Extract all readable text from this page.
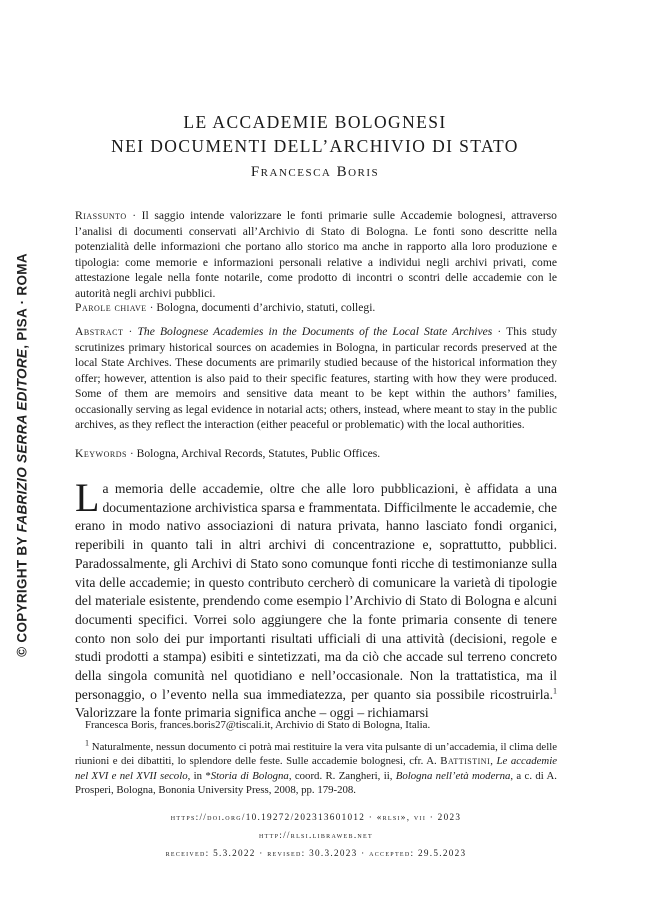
© COPYRIGHT BY FABRIZIO SERRA EDITORE, PISA · ROMA
LE ACCADEMIE BOLOGNESI
NEI DOCUMENTI DELL’ARCHIVIO DI STATO
Francesca Boris
Riassunto · Il saggio intende valorizzare le fonti primarie sulle Accademie bolognesi, attraverso l’analisi di documenti conservati all’Archivio di Stato di Bologna. Le fonti sono descritte nella potenzialità delle informazioni che portano allo storico ma anche in rapporto alla loro produzione e tipologia: come memorie e informazioni personali relative a individui negli archivi privati, come attestazione legale nella fonte notarile, come prodotto di incontri o scontri delle accademie con le autorità negli archivi pubblici.
Parole chiave · Bologna, documenti d’archivio, statuti, collegi.
Abstract · The Bolognese Academies in the Documents of the Local State Archives · This study scrutinizes primary historical sources on academies in Bologna, in particular records preserved at the local State Archives. These documents are primarily studied because of the historical information they offer; however, attention is also paid to their specific features, starting with how they were produced. Some of them are memoirs and sensitive data meant to be kept within the authors’ families, occasionally serving as legal evidence in notarial acts; others, instead, where meant to stay in the public archives, as they reflect the interaction (either peaceful or problematic) with the local authorities.
Keywords · Bologna, Archival Records, Statutes, Public Offices.
La memoria delle accademie, oltre che alle loro pubblicazioni, è affidata a una documentazione archivistica sparsa e frammentata. Difficilmente le accademie, che erano in modo nativo associazioni di natura privata, hanno lasciato fondi organici, reperibili in quanto tali in altri archivi di concentrazione e, soprattutto, pubblici. Paradossalmente, gli Archivi di Stato sono comunque fonti ricche di testimonianze sulla vita delle accademie; in questo contributo cercherò di comunicare la varietà di tipologie del materiale esistente, prendendo come esempio l’Archivio di Stato di Bologna e alcuni documenti specifici. Vorrei solo aggiungere che la fonte primaria consente di tenere conto non solo dei pur importanti risultati ufficiali di una attività (decisioni, regole e studi prodotti a stampa) esibiti e sintetizzati, ma da ciò che accade sul terreno concreto della singola comunità nel quotidiano e nell’occasionale. Non la trattatistica, ma il personaggio, o l’evento nella sua immediatezza, per quanto sia possibile ricostruirla.$^1$ Valorizzare la fonte primaria significa anche – oggi – richiamarsi
Francesca Boris, frances.boris27@tiscali.it, Archivio di Stato di Bologna, Italia.
$^1$ Naturalmente, nessun documento ci potrà mai restituire la vera vita pulsante di un’accademia, il clima delle riunioni e dei dibattiti, lo splendore delle feste. Sulle accademie bolognesi, cfr. A. Battistini, Le accademie nel XVI e nel XVII secolo, in *Storia di Bologna, coord. R. Zangheri, ii, Bologna nell’età moderna, a c. di A. Prosperi, Bologna, Bononia University Press, 2008, pp. 179-208.
https://doi.org/10.19272/202313601012 · «rlsi», vii · 2023
http://rlsi.libraweb.net
received: 5.3.2022 · revised: 30.3.2023 · accepted: 29.5.2023
